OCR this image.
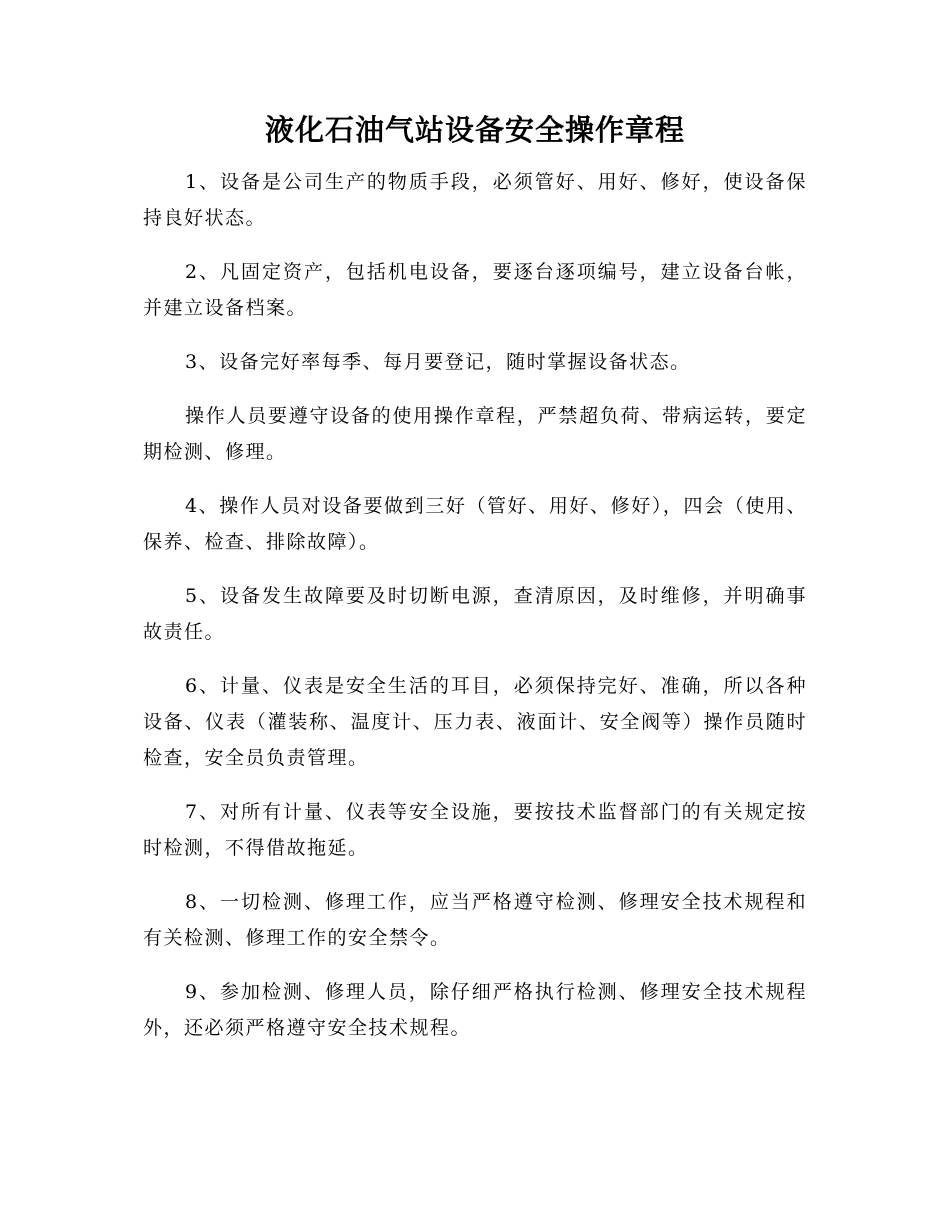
液化石油气站设备安全操作章程

1、设备是公司生产的物质手段，必须管好、用好、修好，使设备保持良好状态。

2、凡固定资产，包括机电设备，要逐台逐项编号，建立设备台帐，并建立设备档案。

3、设备完好率每季、每月要登记，随时掌握设备状态。

操作人员要遵守设备的使用操作章程，严禁超负荷、带病运转，要定期检测、修理。

4、操作人员对设备要做到三好（管好、用好、修好），四会（使用、保养、检查、排除故障）。

5、设备发生故障要及时切断电源，查清原因，及时维修，并明确事故责任。

6、计量、仪表是安全生活的耳目，必须保持完好、准确，所以各种设备、仪表（灌装称、温度计、压力表、液面计、安全阀等）操作员随时检查，安全员负责管理。

7、对所有计量、仪表等安全设施，要按技术监督部门的有关规定按时检测，不得借故拖延。

8、一切检测、修理工作，应当严格遵守检测、修理安全技术规程和有关检测、修理工作的安全禁令。

9、参加检测、修理人员，除仔细严格执行检测、修理安全技术规程外，还必须严格遵守安全技术规程。
